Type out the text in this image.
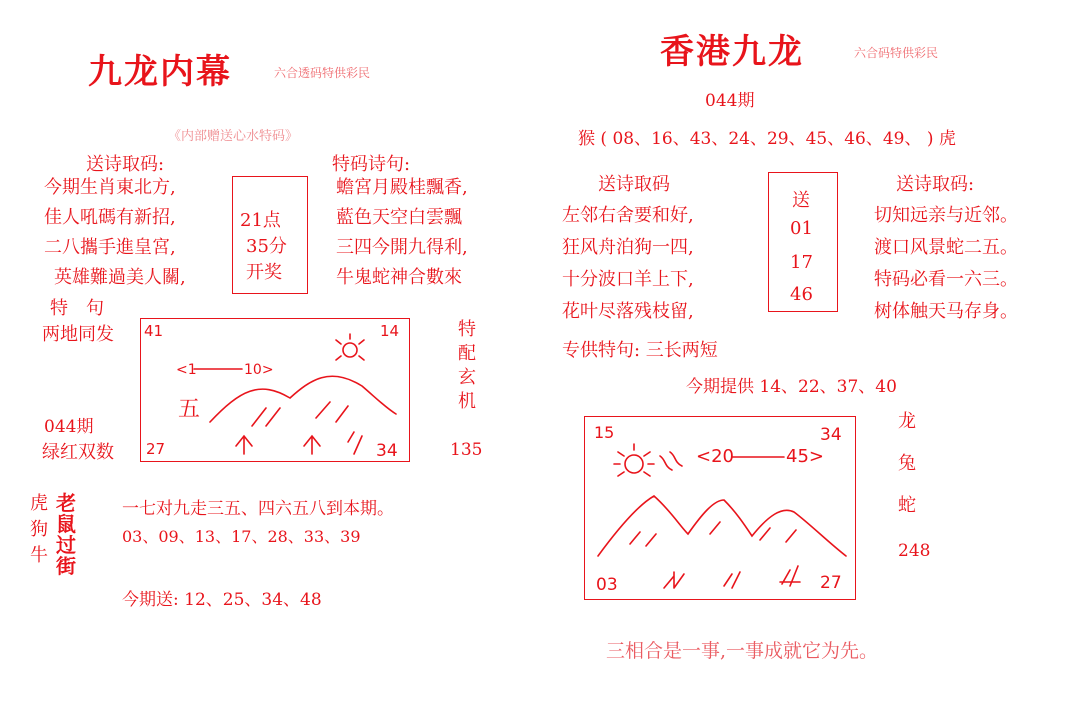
九龙内幕	六合透码特供彩民
《内部赠送心水特码》
送诗取码:
今期生肖東北方,
佳人吼碼有新招,
二八攜手進皇宮,
英雄難過美人關,
21点
35分
开奖
特码诗句:
蟾宮月殿桂飄香,
藍色天空白雲飄
三四今開九得利,
牛鬼蛇神合數來
特　句
两地同发
044期
绿红双数
41	14
27	34
<1	10>
五
特
配
玄
机
135
虎
狗
牛
老
鼠
过
街
一七对九走三五、四六五八到本期。
03、09、13、17、28、33、39
今期送: 12、25、34、48
香港九龙	六合码特供彩民
044期
猴 ( 08、16、43、24、29、45、46、49、 ) 虎
送诗取码
左邻右舍要和好,
狂风舟泊狗一四,
十分波口羊上下,
花叶尽落残枝留,
送
01
17
46
送诗取码:
切知远亲与近邻。
渡口风景蛇二五。
特码必看一六三。
树体触天马存身。
专供特句: 三长两短
今期提供 14、22、37、40
15	34
03	27
<20	45>
龙
兔
蛇
248
三相合是一事,一事成就它为先。
